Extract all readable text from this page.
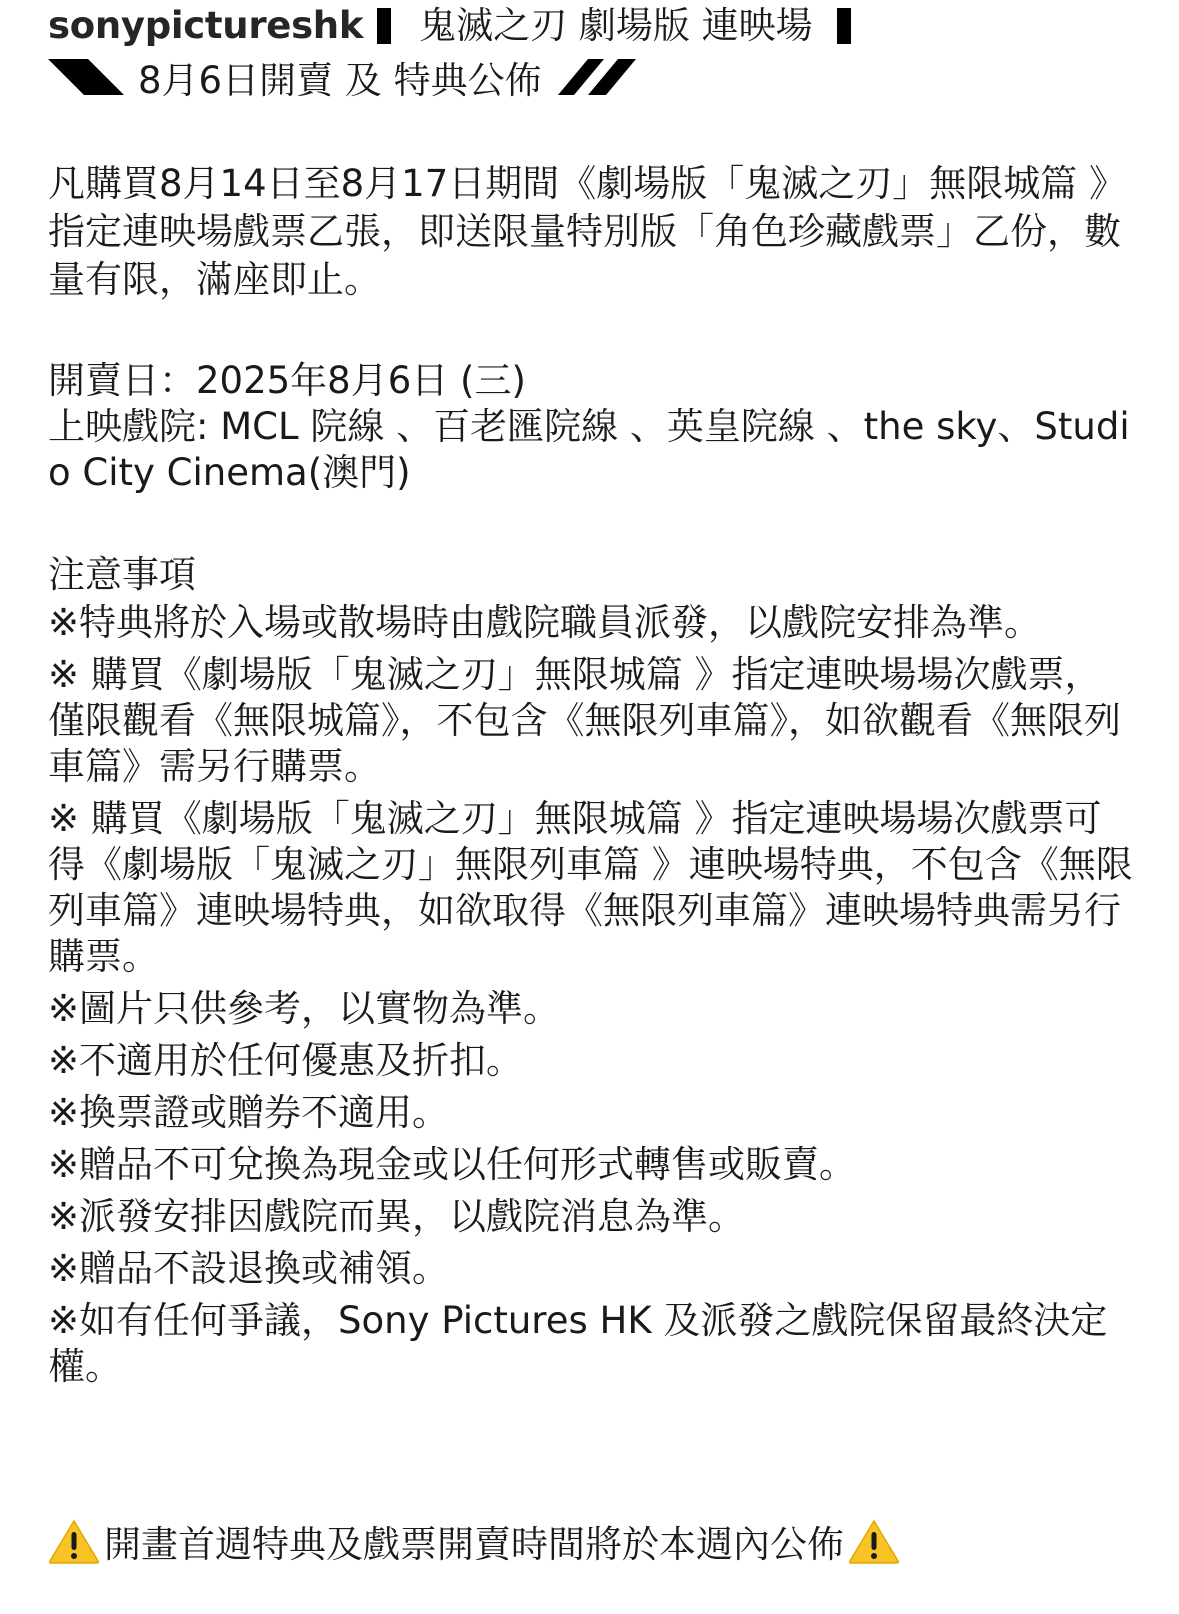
sonypictureshk 鬼滅之刃 劇場版 連映場
8月6日開賣 及 特典公佈

凡購買8月14日至8月17日期間《劇場版「鬼滅之刃」無限城篇 》指定連映場戲票乙張，即送限量特別版「角色珍藏戲票」乙份，數量有限，滿座即止。

開賣日：2025年8月6日 (三)

上映戲院: MCL 院線 、百老匯院線 、英皇院線 、the sky、Studio City Cinema(澳門)

注意事項

※特典將於入場或散場時由戲院職員派發，以戲院安排為準。

※ 購買《劇場版「鬼滅之刃」無限城篇 》指定連映場場次戲票，僅限觀看《無限城篇》，不包含《無限列車篇》，如欲觀看《無限列車篇》需另行購票。

※ 購買《劇場版「鬼滅之刃」無限城篇 》指定連映場場次戲票可得《劇場版「鬼滅之刃」無限列車篇 》連映場特典，不包含《無限列車篇》連映場特典，如欲取得《無限列車篇》連映場特典需另行購票。

※圖片只供參考，以實物為準。

※不適用於任何優惠及折扣。

※換票證或贈券不適用。

※贈品不可兌換為現金或以任何形式轉售或販賣。

※派發安排因戲院而異，以戲院消息為準。

※贈品不設退換或補領。

※如有任何爭議，Sony Pictures HK 及派發之戲院保留最終決定權。

開畫首週特典及戲票開賣時間將於本週內公佈
